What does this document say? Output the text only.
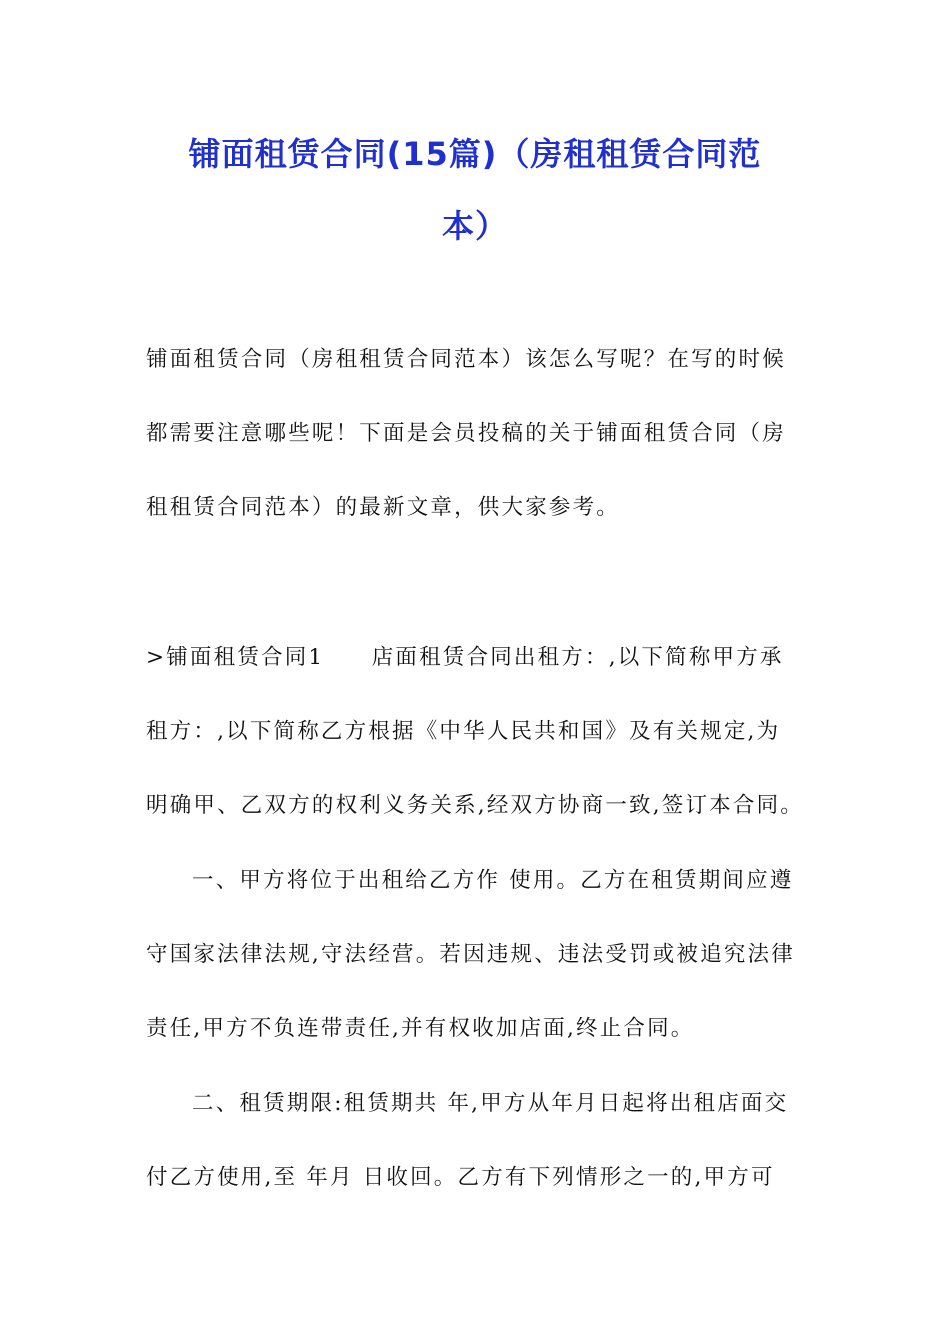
铺面租赁合同(15篇)（房租租赁合同范
本）

铺面租赁合同（房租租赁合同范本）该怎么写呢？在写的时候

都需要注意哪些呢！下面是会员投稿的关于铺面租赁合同（房

租租赁合同范本）的最新文章，供大家参考。

>铺面租赁合同1　　店面租赁合同出租方：,以下简称甲方承

租方：,以下简称乙方根据《中华人民共和国》及有关规定,为

明确甲、乙双方的权利义务关系,经双方协商一致,签订本合同。

一、甲方将位于出租给乙方作 使用。乙方在租赁期间应遵

守国家法律法规,守法经营。若因违规、违法受罚或被追究法律

责任,甲方不负连带责任,并有权收加店面,终止合同。

二、租赁期限:租赁期共 年,甲方从年月日起将出租店面交

付乙方使用,至 年月 日收回。乙方有下列情形之一的,甲方可
